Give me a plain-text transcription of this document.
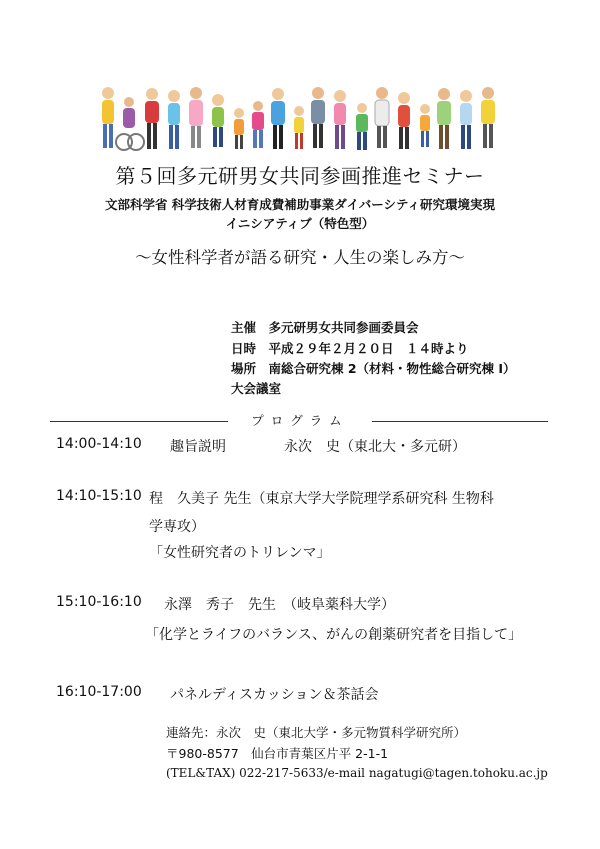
第５回多元研男女共同参画推進セミナー
文部科学省 科学技術人材育成費補助事業ダイバーシティ研究環境実現
イニシアティブ（特色型）
〜女性科学者が語る研究・人生の楽しみ方〜
主催　多元研男女共同参画委員会
日時　平成２９年２月２０日　１４時より
場所　南総合研究棟 2（材料・物性総合研究棟 I）
大会議室
プログラム
14:00-14:10 趣旨説明	永次　史（東北大・多元研）
14:10-15:10 程　久美子 先生（東京大学大学院理学系研究科 生物科
学専攻）
「女性研究者のトリレンマ」
15:10-16:10 永澤　秀子　先生　（岐阜薬科大学）
「化学とライフのバランス、がんの創薬研究者を目指して」
16:10-17:00 パネルディスカッション＆茶話会
連絡先：永次　史（東北大学・多元物質科学研究所）
〒980-8577　仙台市青葉区片平 2-1-1
(TEL&TAX) 022-217-5633/e-mail nagatugi@tagen.tohoku.ac.jp
